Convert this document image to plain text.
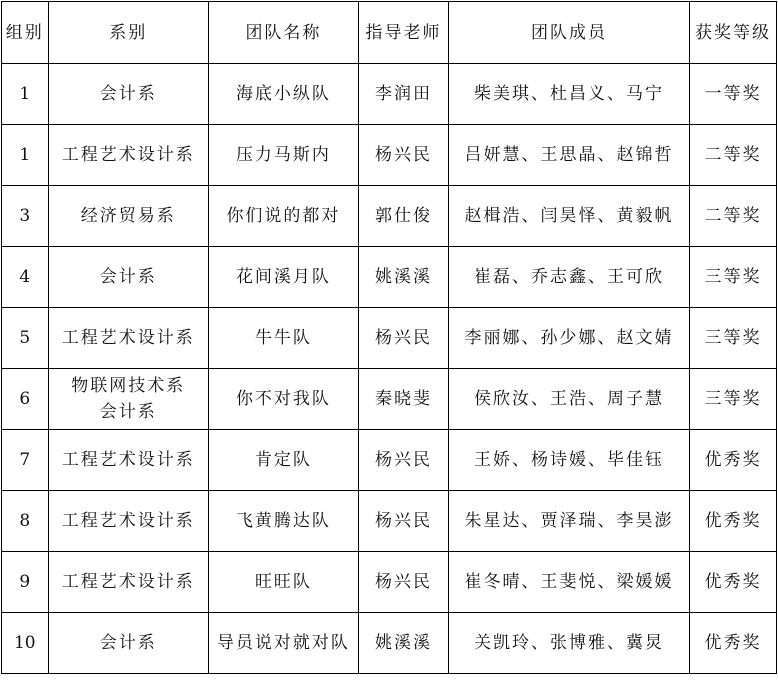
组别	系别	团队名称	指导老师	团队成员	获奖等级
1	会计系	海底小纵队	李润田	柴美琪、杜昌义、马宁	一等奖
1	工程艺术设计系	压力马斯内	杨兴民	吕妍慧、王思晶、赵锦哲	二等奖
3	经济贸易系	你们说的都对	郭仕俊	赵楫浩、闫昊怿、黄毅帆	二等奖
4	会计系	花间溪月队	姚溪溪	崔磊、乔志鑫、王可欣	三等奖
5	工程艺术设计系	牛牛队	杨兴民	李丽娜、孙少娜、赵文婧	三等奖
6	物联网技术系会计系	你不对我队	秦晓斐	侯欣汝、王浩、周子慧	三等奖
7	工程艺术设计系	肯定队	杨兴民	王娇、杨诗媛、毕佳钰	优秀奖
8	工程艺术设计系	飞黄腾达队	杨兴民	朱星达、贾泽瑞、李昊澎	优秀奖
9	工程艺术设计系	旺旺队	杨兴民	崔冬晴、王斐悦、梁媛媛	优秀奖
10	会计系	导员说对就对队	姚溪溪	关凯玲、张博雅、冀炅	优秀奖
